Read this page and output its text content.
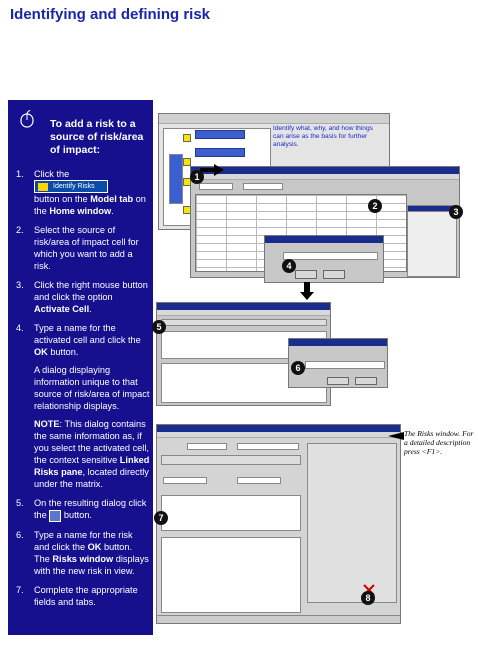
Identifying and defining risk
To add a risk to a source of risk/area of impact:
1. Click the

Identify Risks
button on the Model tab on the Home window.
2. Select the source of risk/area of impact cell for which you want to add a risk.
3. Click the right mouse button and click the option Activate Cell.
4. Type a name for the activated cell and click the OK button.
A dialog displaying information unique to that source of risk/area of impact relationship displays.
NOTE: This dialog contains the same information as, if you select the activated cell, the context sensitive Linked Risks pane, located directly under the matrix.
5. On the resulting dialog click the  button.
6. Type a name for the risk and click the OK button. The Risks window displays with the new risk in view.
7. Complete the appropriate fields and tabs.
Identify what, why, and how things can arise as the basis for further analysis.
The Risks window. For a detailed description press <F1>.
1
2
3
4
5
6
7
8
